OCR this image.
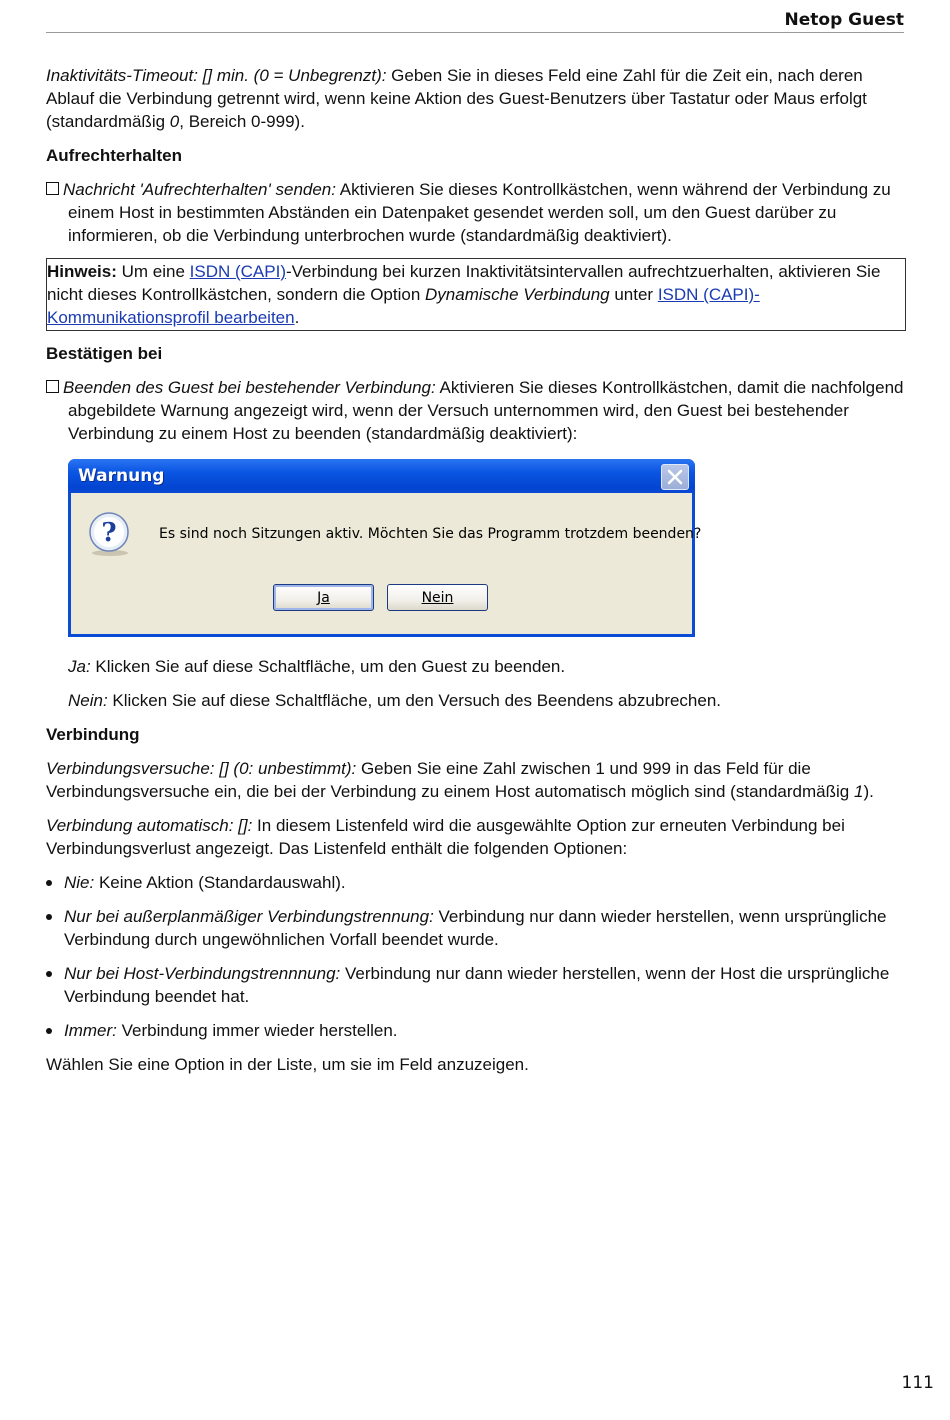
Netop Guest

Inaktivitäts-Timeout: [] min. (0 = Unbegrenzt): Geben Sie in dieses Feld eine Zahl für die Zeit ein, nach deren Ablauf die Verbindung getrennt wird, wenn keine Aktion des Guest-Benutzers über Tastatur oder Maus erfolgt (standardmäßig 0, Bereich 0-999).

Aufrechterhalten

Nachricht 'Aufrechterhalten' senden: Aktivieren Sie dieses Kontrollkästchen, wenn während der Verbindung zu einem Host in bestimmten Abständen ein Datenpaket gesendet werden soll, um den Guest darüber zu informieren, ob die Verbindung unterbrochen wurde (standardmäßig deaktiviert).

Hinweis: Um eine ISDN (CAPI)-Verbindung bei kurzen Inaktivitätsintervallen aufrechtzuerhalten, aktivieren Sie nicht dieses Kontrollkästchen, sondern die Option Dynamische Verbindung unter ISDN (CAPI)-Kommunikationsprofil bearbeiten.
Bestätigen bei

Beenden des Guest bei bestehender Verbindung: Aktivieren Sie dieses Kontrollkästchen, damit die nachfolgend abgebildete Warnung angezeigt wird, wenn der Versuch unternommen wird, den Guest bei bestehender Verbindung zu einem Host zu beenden (standardmäßig deaktiviert):

Warnung
?	Es sind noch Sitzungen aktiv. Möchten Sie das Programm trotzdem beenden?
Ja	Nein

Ja: Klicken Sie auf diese Schaltfläche, um den Guest zu beenden.

Nein: Klicken Sie auf diese Schaltfläche, um den Versuch des Beendens abzubrechen.

Verbindung

Verbindungsversuche: [] (0: unbestimmt): Geben Sie eine Zahl zwischen 1 und 999 in das Feld für die Verbindungsversuche ein, die bei der Verbindung zu einem Host automatisch möglich sind (standardmäßig 1).

Verbindung automatisch: []: In diesem Listenfeld wird die ausgewählte Option zur erneuten Verbindung bei Verbindungsverlust angezeigt. Das Listenfeld enthält die folgenden Optionen:

Nie: Keine Aktion (Standardauswahl).
Nur bei außerplanmäßiger Verbindungstrennung: Verbindung nur dann wieder herstellen, wenn ursprüngliche Verbindung durch ungewöhnlichen Vorfall beendet wurde.
Nur bei Host-Verbindungstrennnung: Verbindung nur dann wieder herstellen, wenn der Host die ursprüngliche Verbindung beendet hat.
Immer: Verbindung immer wieder herstellen.

Wählen Sie eine Option in der Liste, um sie im Feld anzuzeigen.

111
